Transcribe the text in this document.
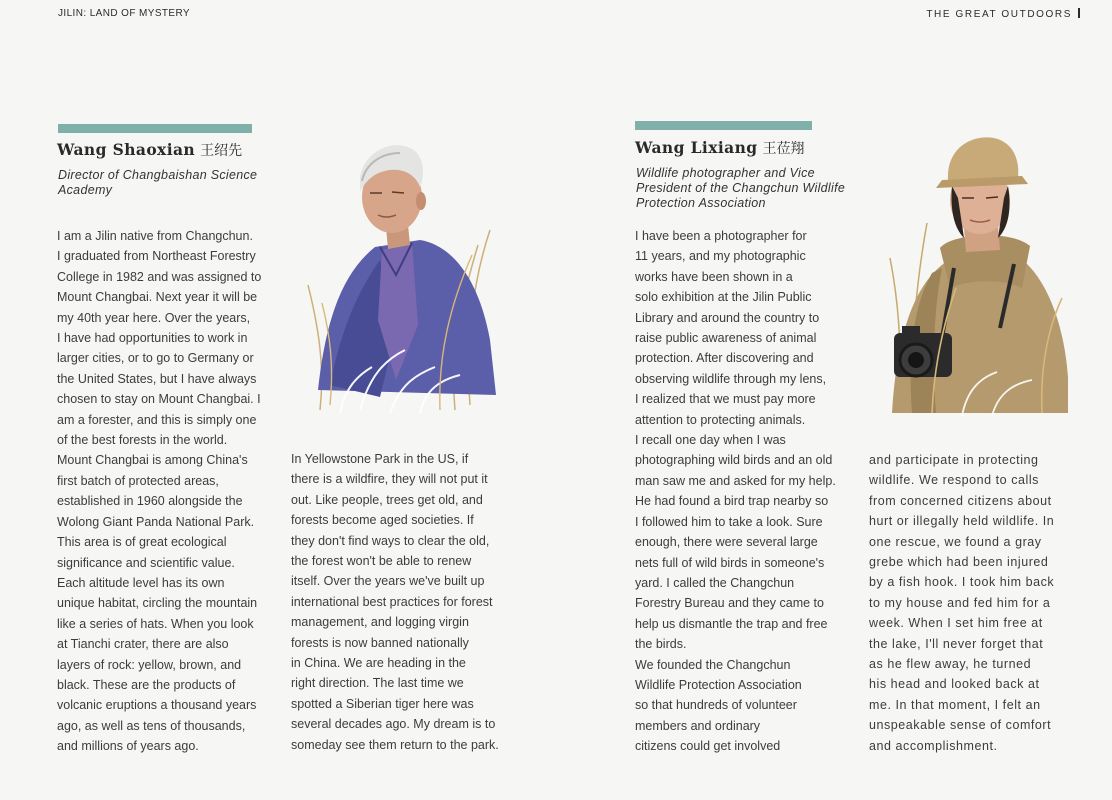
JILIN: LAND OF MYSTERY	THE GREAT OUTDOORS
Wang Shaoxian 王绍先
Director of Changbaishan Science
Academy
I am a Jilin native from Changchun.
I graduated from Northeast Forestry
College in 1982 and was assigned to
Mount Changbai. Next year it will be
my 40th year here. Over the years,
I have had opportunities to work in
larger cities, or to go to Germany or
the United States, but I have always
chosen to stay on Mount Changbai. I
am a forester, and this is simply one
of the best forests in the world.
Mount Changbai is among China's
first batch of protected areas,
established in 1960 alongside the
Wolong Giant Panda National Park.
This area is of great ecological
significance and scientific value.
Each altitude level has its own
unique habitat, circling the mountain
like a series of hats. When you look
at Tianchi crater, there are also
layers of rock: yellow, brown, and
black. These are the products of
volcanic eruptions a thousand years
ago, as well as tens of thousands,
and millions of years ago.
In Yellowstone Park in the US, if
there is a wildfire, they will not put it
out. Like people, trees get old, and
forests become aged societies. If
they don't find ways to clear the old,
the forest won't be able to renew
itself. Over the years we've built up
international best practices for forest
management, and logging virgin
forests is now banned nationally
in China. We are heading in the
right direction. The last time we
spotted a Siberian tiger here was
several decades ago. My dream is to
someday see them return to the park.
Wang Lixiang 王莅翔
Wildlife photographer and Vice
President of the Changchun Wildlife
Protection Association
I have been a photographer for
11 years, and my photographic
works have been shown in a
solo exhibition at the Jilin Public
Library and around the country to
raise public awareness of animal
protection. After discovering and
observing wildlife through my lens,
I realized that we must pay more
attention to protecting animals.
I recall one day when I was
photographing wild birds and an old
man saw me and asked for my help.
He had found a bird trap nearby so
I followed him to take a look. Sure
enough, there were several large
nets full of wild birds in someone's
yard. I called the Changchun
Forestry Bureau and they came to
help us dismantle the trap and free
the birds.
We founded the Changchun
Wildlife Protection Association
so that hundreds of volunteer
members and ordinary
citizens could get involved
and participate in protecting
wildlife. We respond to calls
from concerned citizens about
hurt or illegally held wildlife. In
one rescue, we found a gray
grebe which had been injured
by a fish hook. I took him back
to my house and fed him for a
week. When I set him free at
the lake, I'll never forget that
as he flew away, he turned
his head and looked back at
me. In that moment, I felt an
unspeakable sense of comfort
and accomplishment.
